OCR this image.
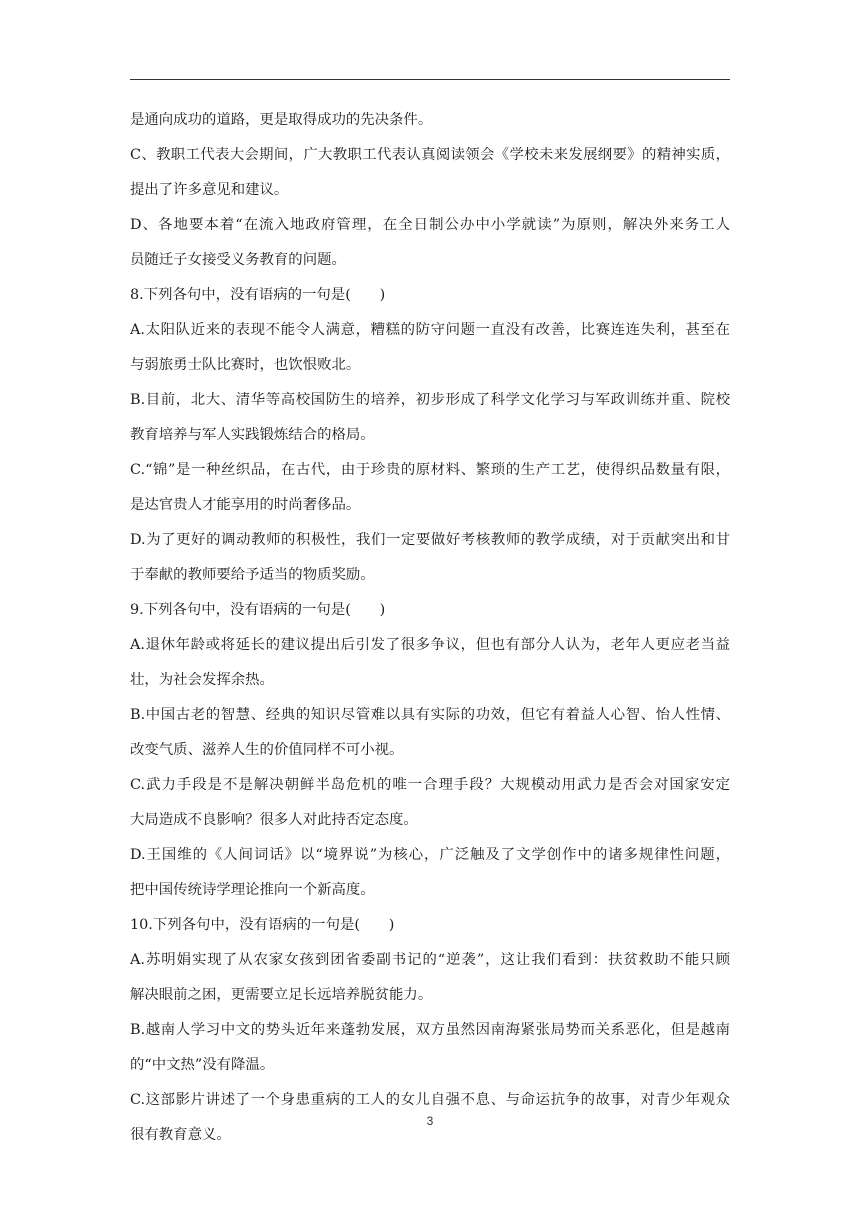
是通向成功的道路，更是取得成功的先决条件。
C、教职工代表大会期间，广大教职工代表认真阅读领会《学校未来发展纲要》的精神实质，
提出了许多意见和建议。
D、各地要本着“在流入地政府管理，在全日制公办中小学就读”为原则，解决外来务工人
员随迁子女接受义务教育的问题。
8.下列各句中，没有语病的一句是(　　)
A.太阳队近来的表现不能令人满意，糟糕的防守问题一直没有改善，比赛连连失利，甚至在
与弱旅勇士队比赛时，也饮恨败北。
B.目前，北大、清华等高校国防生的培养，初步形成了科学文化学习与军政训练并重、院校
教育培养与军人实践锻炼结合的格局。
C.“锦”是一种丝织品，在古代，由于珍贵的原材料、繁琐的生产工艺，使得织品数量有限，
是达官贵人才能享用的时尚奢侈品。
D.为了更好的调动教师的积极性，我们一定要做好考核教师的教学成绩，对于贡献突出和甘
于奉献的教师要给予适当的物质奖励。
9.下列各句中，没有语病的一句是(　　)
A.退休年龄或将延长的建议提出后引发了很多争议，但也有部分人认为，老年人更应老当益
壮，为社会发挥余热。
B.中国古老的智慧、经典的知识尽管难以具有实际的功效，但它有着益人心智、怡人性情、
改变气质、滋养人生的价值同样不可小视。
C.武力手段是不是解决朝鲜半岛危机的唯一合理手段？大规模动用武力是否会对国家安定
大局造成不良影响？很多人对此持否定态度。
D.王国维的《人间词话》以“境界说”为核心，广泛触及了文学创作中的诸多规律性问题，
把中国传统诗学理论推向一个新高度。
10.下列各句中，没有语病的一句是(　　)
A.苏明娟实现了从农家女孩到团省委副书记的“逆袭”，这让我们看到：扶贫救助不能只顾
解决眼前之困，更需要立足长远培养脱贫能力。
B.越南人学习中文的势头近年来蓬勃发展，双方虽然因南海紧张局势而关系恶化，但是越南
的“中文热”没有降温。
C.这部影片讲述了一个身患重病的工人的女儿自强不息、与命运抗争的故事，对青少年观众
很有教育意义。
3
